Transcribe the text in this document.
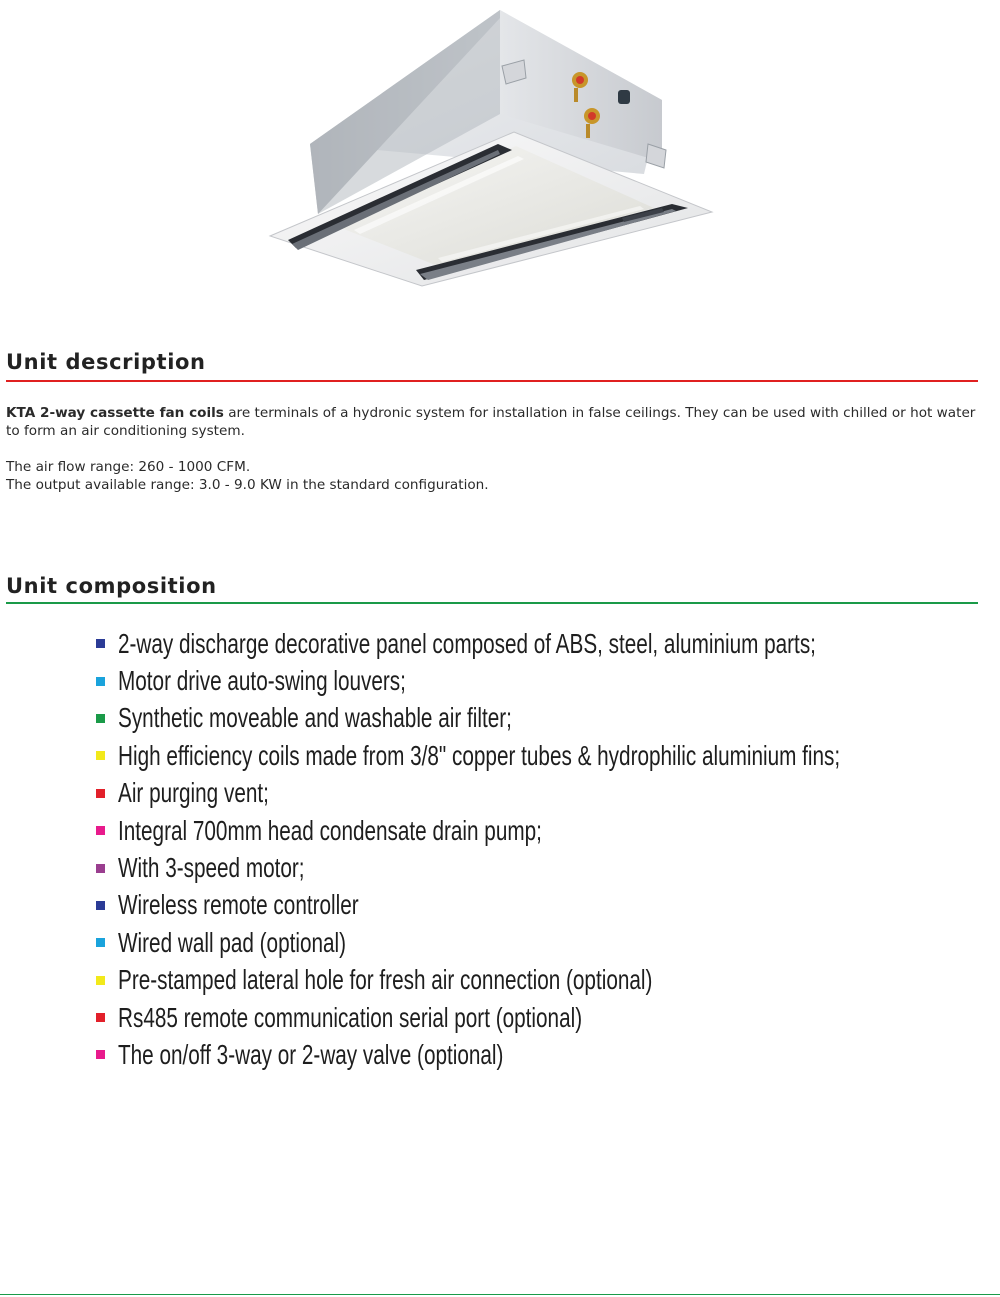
Unit description

KTA 2-way cassette fan coils are terminals of a hydronic system for installation in false ceilings. They can be used with chilled or hot water to form an air conditioning system.

The air flow range: 260 - 1000 CFM.

The output available range: 3.0 - 9.0 KW in the standard configuration.

Unit composition
2-way discharge decorative panel composed of ABS, steel, aluminium parts;
Motor drive auto-swing louvers;
Synthetic moveable and washable air filter;
High efficiency coils made from 3/8" copper tubes & hydrophilic aluminium fins;
Air purging vent;
Integral 700mm head condensate drain pump;
With 3-speed motor;
Wireless remote controller
Wired wall pad (optional)
Pre-stamped lateral hole for fresh air connection (optional)
Rs485 remote communication serial port (optional)
The on/off 3-way or 2-way valve (optional)
